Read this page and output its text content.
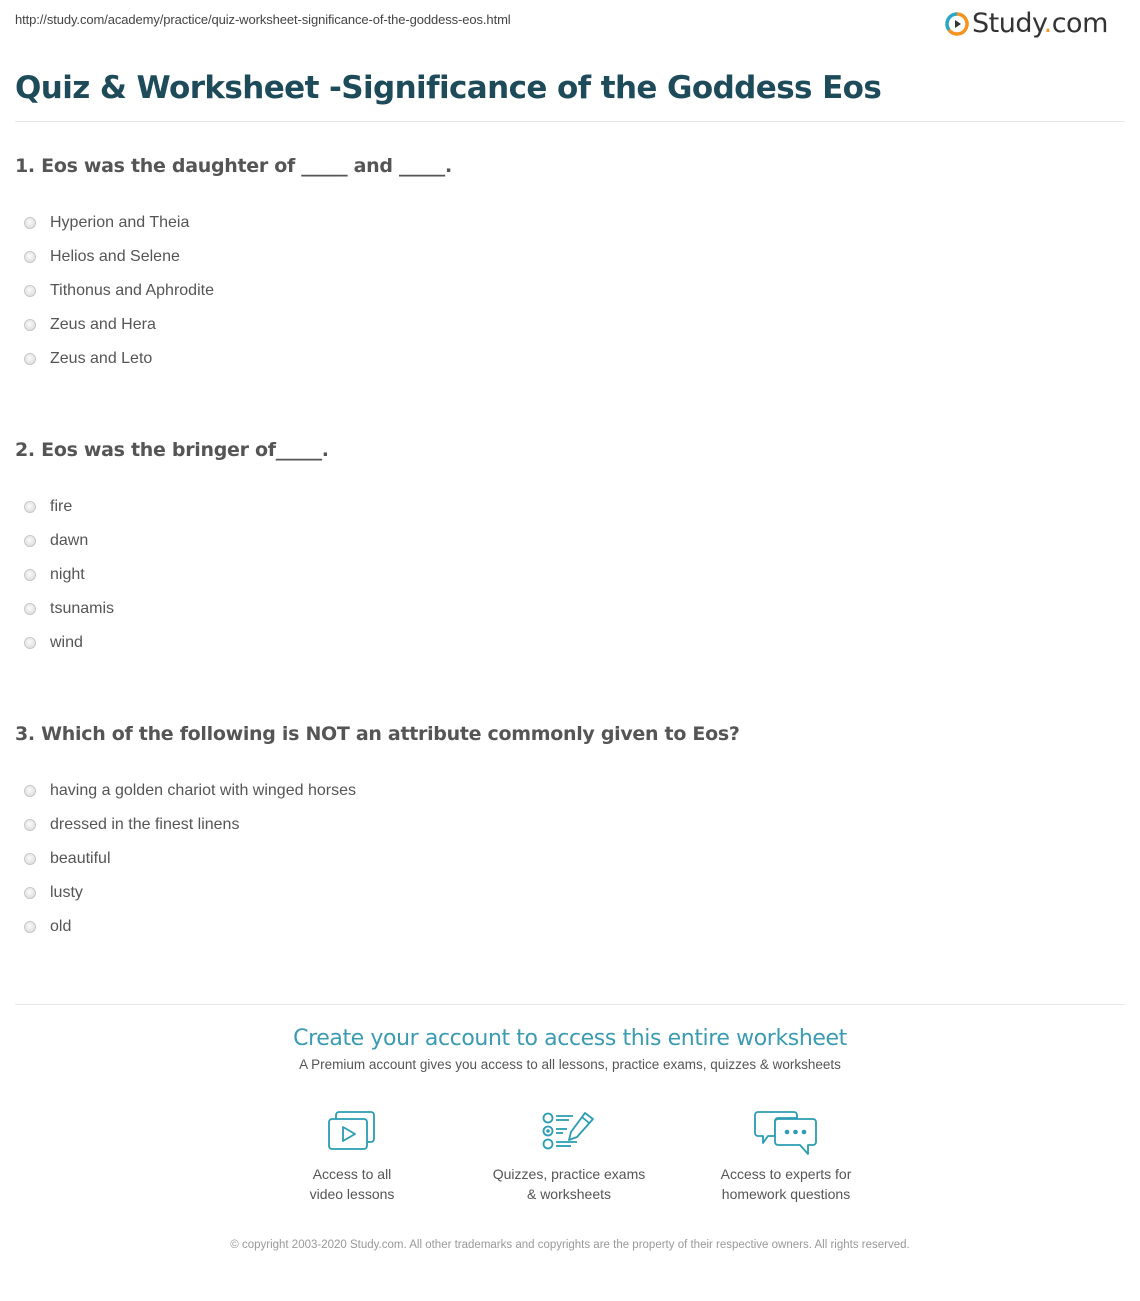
http://study.com/academy/practice/quiz-worksheet-significance-of-the-goddess-eos.html	Study.com
Quiz & Worksheet -Significance of the Goddess Eos
1. Eos was the daughter of _____ and _____.
Hyperion and Theia
Helios and Selene
Tithonus and Aphrodite
Zeus and Hera
Zeus and Leto
2. Eos was the bringer of_____.
fire
dawn
night
tsunamis
wind
3. Which of the following is NOT an attribute commonly given to Eos?
having a golden chariot with winged horses
dressed in the finest linens
beautiful
lusty
old
Create your account to access this entire worksheet
A Premium account gives you access to all lessons, practice exams, quizzes & worksheets
Access to all
video lessons
Quizzes, practice exams
& worksheets
Access to experts for
homework questions
© copyright 2003-2020 Study.com. All other trademarks and copyrights are the property of their respective owners. All rights reserved.
